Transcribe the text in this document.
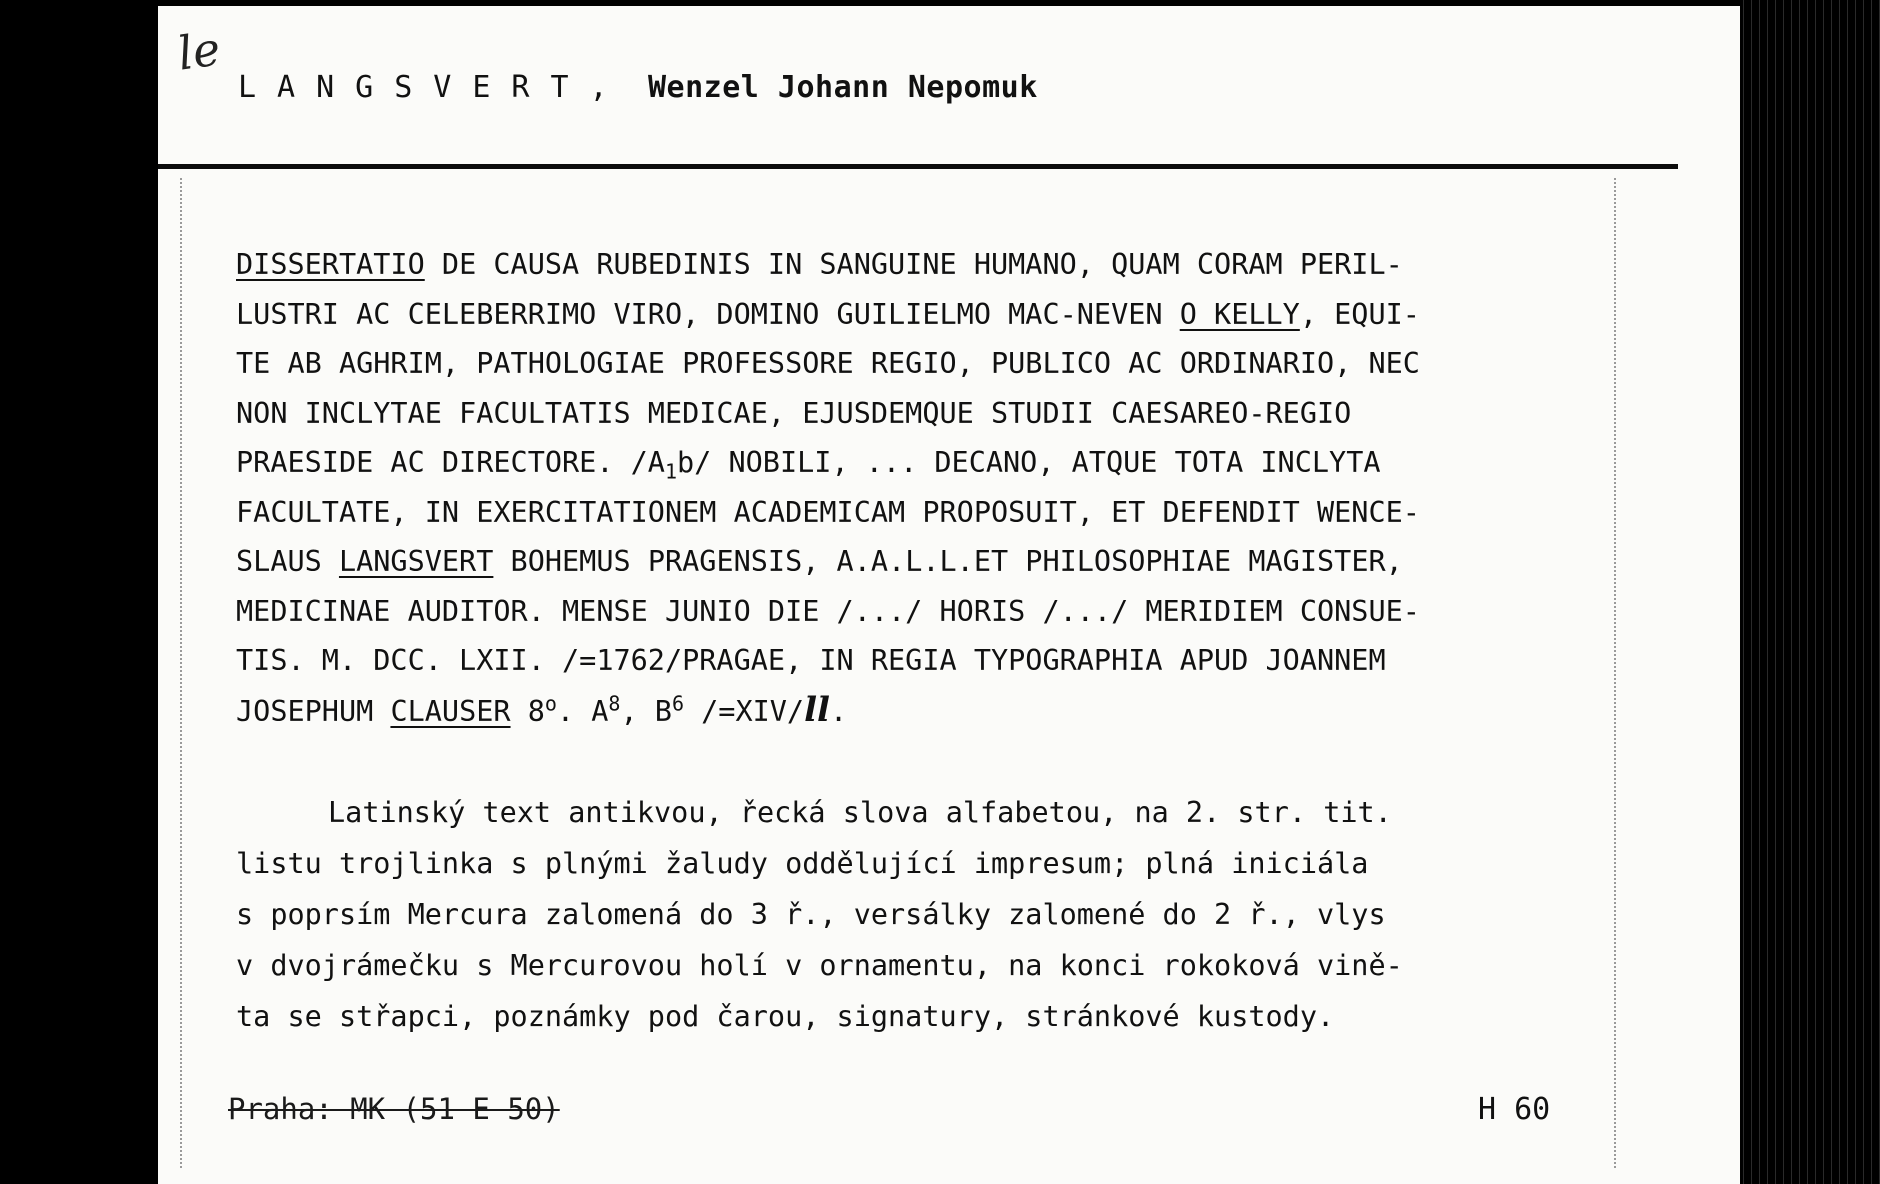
le
LANGSVERT, Wenzel Johann Nepomuk
DISSERTATIO DE CAUSA RUBEDINIS IN SANGUINE HUMANO, QUAM CORAM PERIL-
LUSTRI AC CELEBERRIMO VIRO, DOMINO GUILIELMO MAC-NEVEN O KELLY, EQUI-
TE AB AGHRIM, PATHOLOGIAE PROFESSORE REGIO, PUBLICO AC ORDINARIO, NEC
NON INCLYTAE FACULTATIS MEDICAE, EJUSDEMQUE STUDII CAESAREO-REGIO
PRAESIDE AC DIRECTORE. $/A_1b/$ NOBILI, ... DECANO, ATQUE TOTA INCLYTA
FACULTATE, IN EXERCITATIONEM ACADEMICAM PROPOSUIT, ET DEFENDIT WENCE-
SLAUS LANGSVERT BOHEMUS PRAGENSIS, A.A.L.L.ET PHILOSOPHIAE MAGISTER,
MEDICINAE AUDITOR. MENSE JUNIO DIE /.../ HORIS /.../ MERIDIEM CONSUE-
TIS. M. DCC. LXII. /=1762/PRAGAE, IN REGIA TYPOGRAPHIA APUD JOANNEM
JOSEPHUM CLAUSER 8$^o$. $A^8$, $B^6$ /=XIV/ll.
Latinský text antikvou, řecká slova alfabetou, na 2. str. tit.
listu trojlinka s plnými žaludy oddělující impresum; plná iniciála
s poprsím Mercura zalomená do 3 ř., versálky zalomené do 2 ř., vlys
v dvojrámečku s Mercurovou holí v ornamentu, na konci rokoková vině-
ta se střapci, poznámky pod čarou, signatury, stránkové kustody.
Praha: MK (51 E 50)	H 60
